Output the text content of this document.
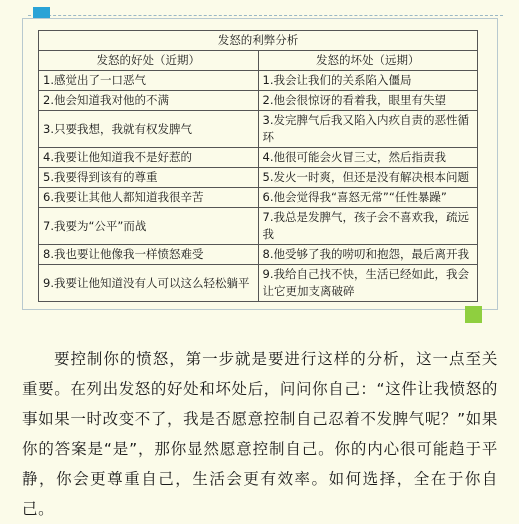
发怒的利弊分析	
发怒的好处（近期）	发怒的坏处（远期）
1.感觉出了一口恶气	1.我会让我们的关系陷入僵局
2.他会知道我对他的不满	2.他会很惊讶的看着我，眼里有失望
3.只要我想，我就有权发脾气	3.发完脾气后我又陷入内疚自责的恶性循环
4.我要让他知道我不是好惹的	4.他很可能会火冒三丈，然后指责我
5.我要得到该有的尊重	5.发火一时爽，但还是没有解决根本问题
6.我要让其他人都知道我很辛苦	6.他会觉得我“喜怒无常”“任性暴躁”
7.我要为“公平”而战	7.我总是发脾气，孩子会不喜欢我，疏远我
8.我也要让他像我一样愤怒难受	8.他受够了我的唠叨和抱怨，最后离开我
9.我要让他知道没有人可以这么轻松躺平	9.我给自己找不快，生活已经如此，我会让它更加支离破碎

要控制你的愤怒，第一步就是要进行这样的分析，这一点至关重要。在列出发怒的好处和坏处后，问问你自己：“这件让我愤怒的事如果一时改变不了，我是否愿意控制自己忍着不发脾气呢？”如果你的答案是“是”，那你显然愿意控制自己。你的内心很可能趋于平静，你会更尊重自己，生活会更有效率。如何选择，全在于你自己。
